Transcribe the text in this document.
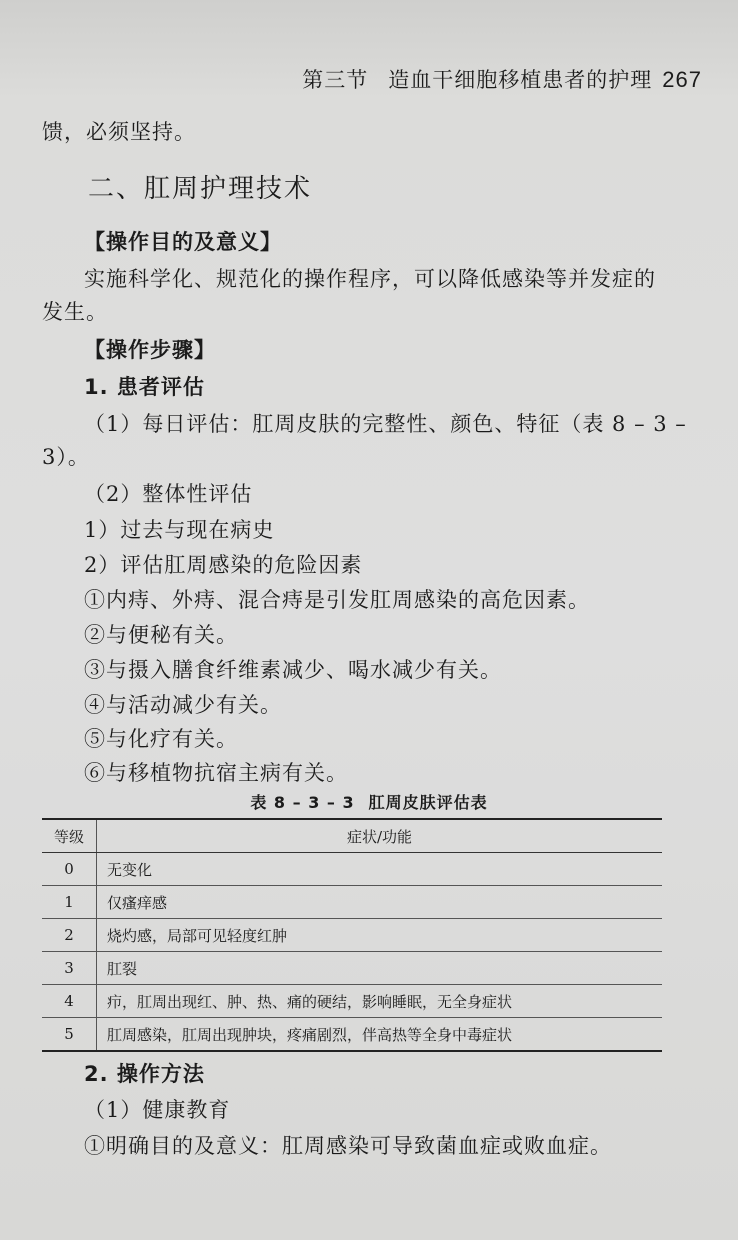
第三节 造血干细胞移植患者的护理 267
馈，必须坚持。
二、肛周护理技术
【操作目的及意义】
实施科学化、规范化的操作程序，可以降低感染等并发症的
发生。
【操作步骤】
1. 患者评估
（1）每日评估：肛周皮肤的完整性、颜色、特征（表 8 – 3 –
3）。
（2）整体性评估
1）过去与现在病史
2）评估肛周感染的危险因素
①内痔、外痔、混合痔是引发肛周感染的高危因素。
②与便秘有关。
③与摄入膳食纤维素减少、喝水减少有关。
④与活动减少有关。
⑤与化疗有关。
⑥与移植物抗宿主病有关。
表 8 – 3 – 3 肛周皮肤评估表
等级	症状/功能
0	无变化
1	仅瘙痒感
2	烧灼感，局部可见轻度红肿
3	肛裂
4	疖，肛周出现红、肿、热、痛的硬结，影响睡眠，无全身症状
5	肛周感染，肛周出现肿块，疼痛剧烈，伴高热等全身中毒症状
2. 操作方法
（1）健康教育
①明确目的及意义：肛周感染可导致菌血症或败血症。
